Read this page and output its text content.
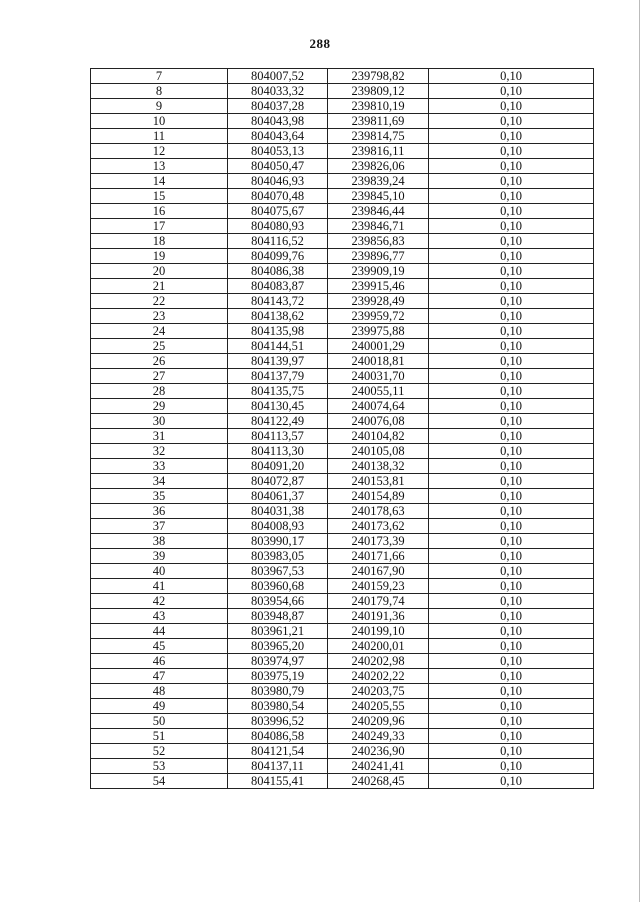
288
7	804007,52	239798,82	0,10
8	804033,32	239809,12	0,10
9	804037,28	239810,19	0,10
10	804043,98	239811,69	0,10
11	804043,64	239814,75	0,10
12	804053,13	239816,11	0,10
13	804050,47	239826,06	0,10
14	804046,93	239839,24	0,10
15	804070,48	239845,10	0,10
16	804075,67	239846,44	0,10
17	804080,93	239846,71	0,10
18	804116,52	239856,83	0,10
19	804099,76	239896,77	0,10
20	804086,38	239909,19	0,10
21	804083,87	239915,46	0,10
22	804143,72	239928,49	0,10
23	804138,62	239959,72	0,10
24	804135,98	239975,88	0,10
25	804144,51	240001,29	0,10
26	804139,97	240018,81	0,10
27	804137,79	240031,70	0,10
28	804135,75	240055,11	0,10
29	804130,45	240074,64	0,10
30	804122,49	240076,08	0,10
31	804113,57	240104,82	0,10
32	804113,30	240105,08	0,10
33	804091,20	240138,32	0,10
34	804072,87	240153,81	0,10
35	804061,37	240154,89	0,10
36	804031,38	240178,63	0,10
37	804008,93	240173,62	0,10
38	803990,17	240173,39	0,10
39	803983,05	240171,66	0,10
40	803967,53	240167,90	0,10
41	803960,68	240159,23	0,10
42	803954,66	240179,74	0,10
43	803948,87	240191,36	0,10
44	803961,21	240199,10	0,10
45	803965,20	240200,01	0,10
46	803974,97	240202,98	0,10
47	803975,19	240202,22	0,10
48	803980,79	240203,75	0,10
49	803980,54	240205,55	0,10
50	803996,52	240209,96	0,10
51	804086,58	240249,33	0,10
52	804121,54	240236,90	0,10
53	804137,11	240241,41	0,10
54	804155,41	240268,45	0,10
